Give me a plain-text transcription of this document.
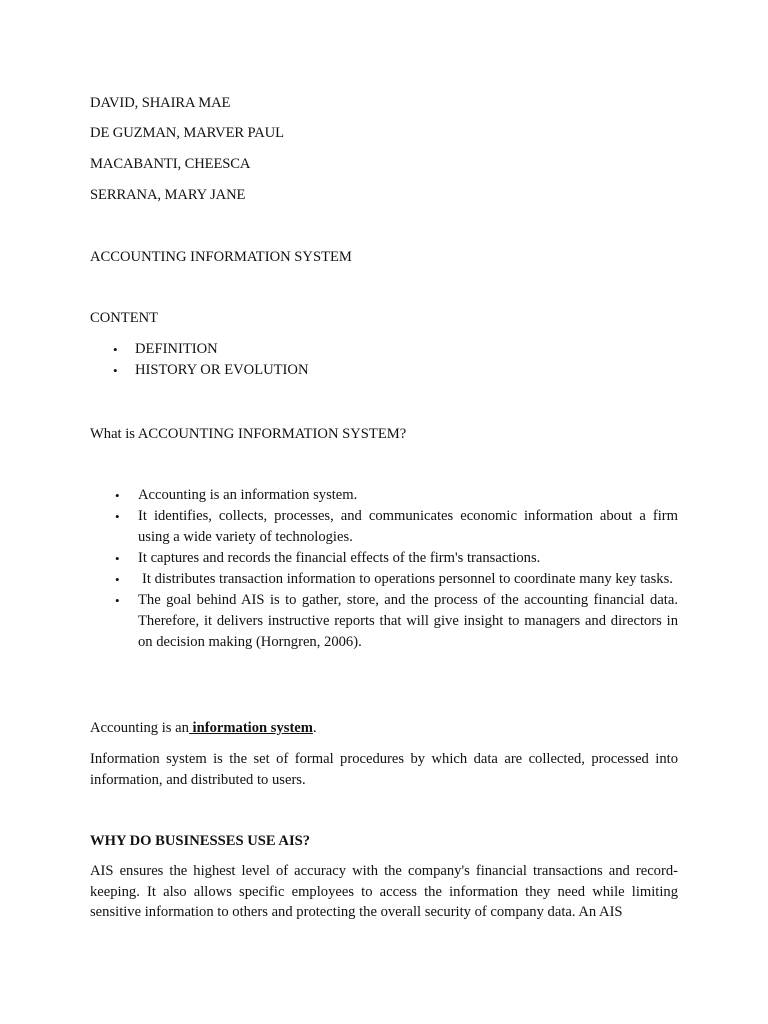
DAVID, SHAIRA MAE
DE GUZMAN, MARVER PAUL
MACABANTI, CHEESCA
SERRANA, MARY JANE
ACCOUNTING INFORMATION SYSTEM
CONTENT
• DEFINITION
• HISTORY OR EVOLUTION
What is ACCOUNTING INFORMATION SYSTEM?
• Accounting is an information system.
• It identifies, collects, processes, and communicates economic information about a firm using a wide variety of technologies.
• It captures and records the financial effects of the firm's transactions.
• It distributes transaction information to operations personnel to coordinate many key tasks.
• The goal behind AIS is to gather, store, and the process of the accounting financial data. Therefore, it delivers instructive reports that will give insight to managers and directors in on decision making (Horngren, 2006).
Accounting is an information system.
Information system is the set of formal procedures by which data are collected, processed into information, and distributed to users.
WHY DO BUSINESSES USE AIS?
AIS ensures the highest level of accuracy with the company's financial transactions and record-keeping. It also allows specific employees to access the information they need while limiting sensitive information to others and protecting the overall security of company data. An AIS
